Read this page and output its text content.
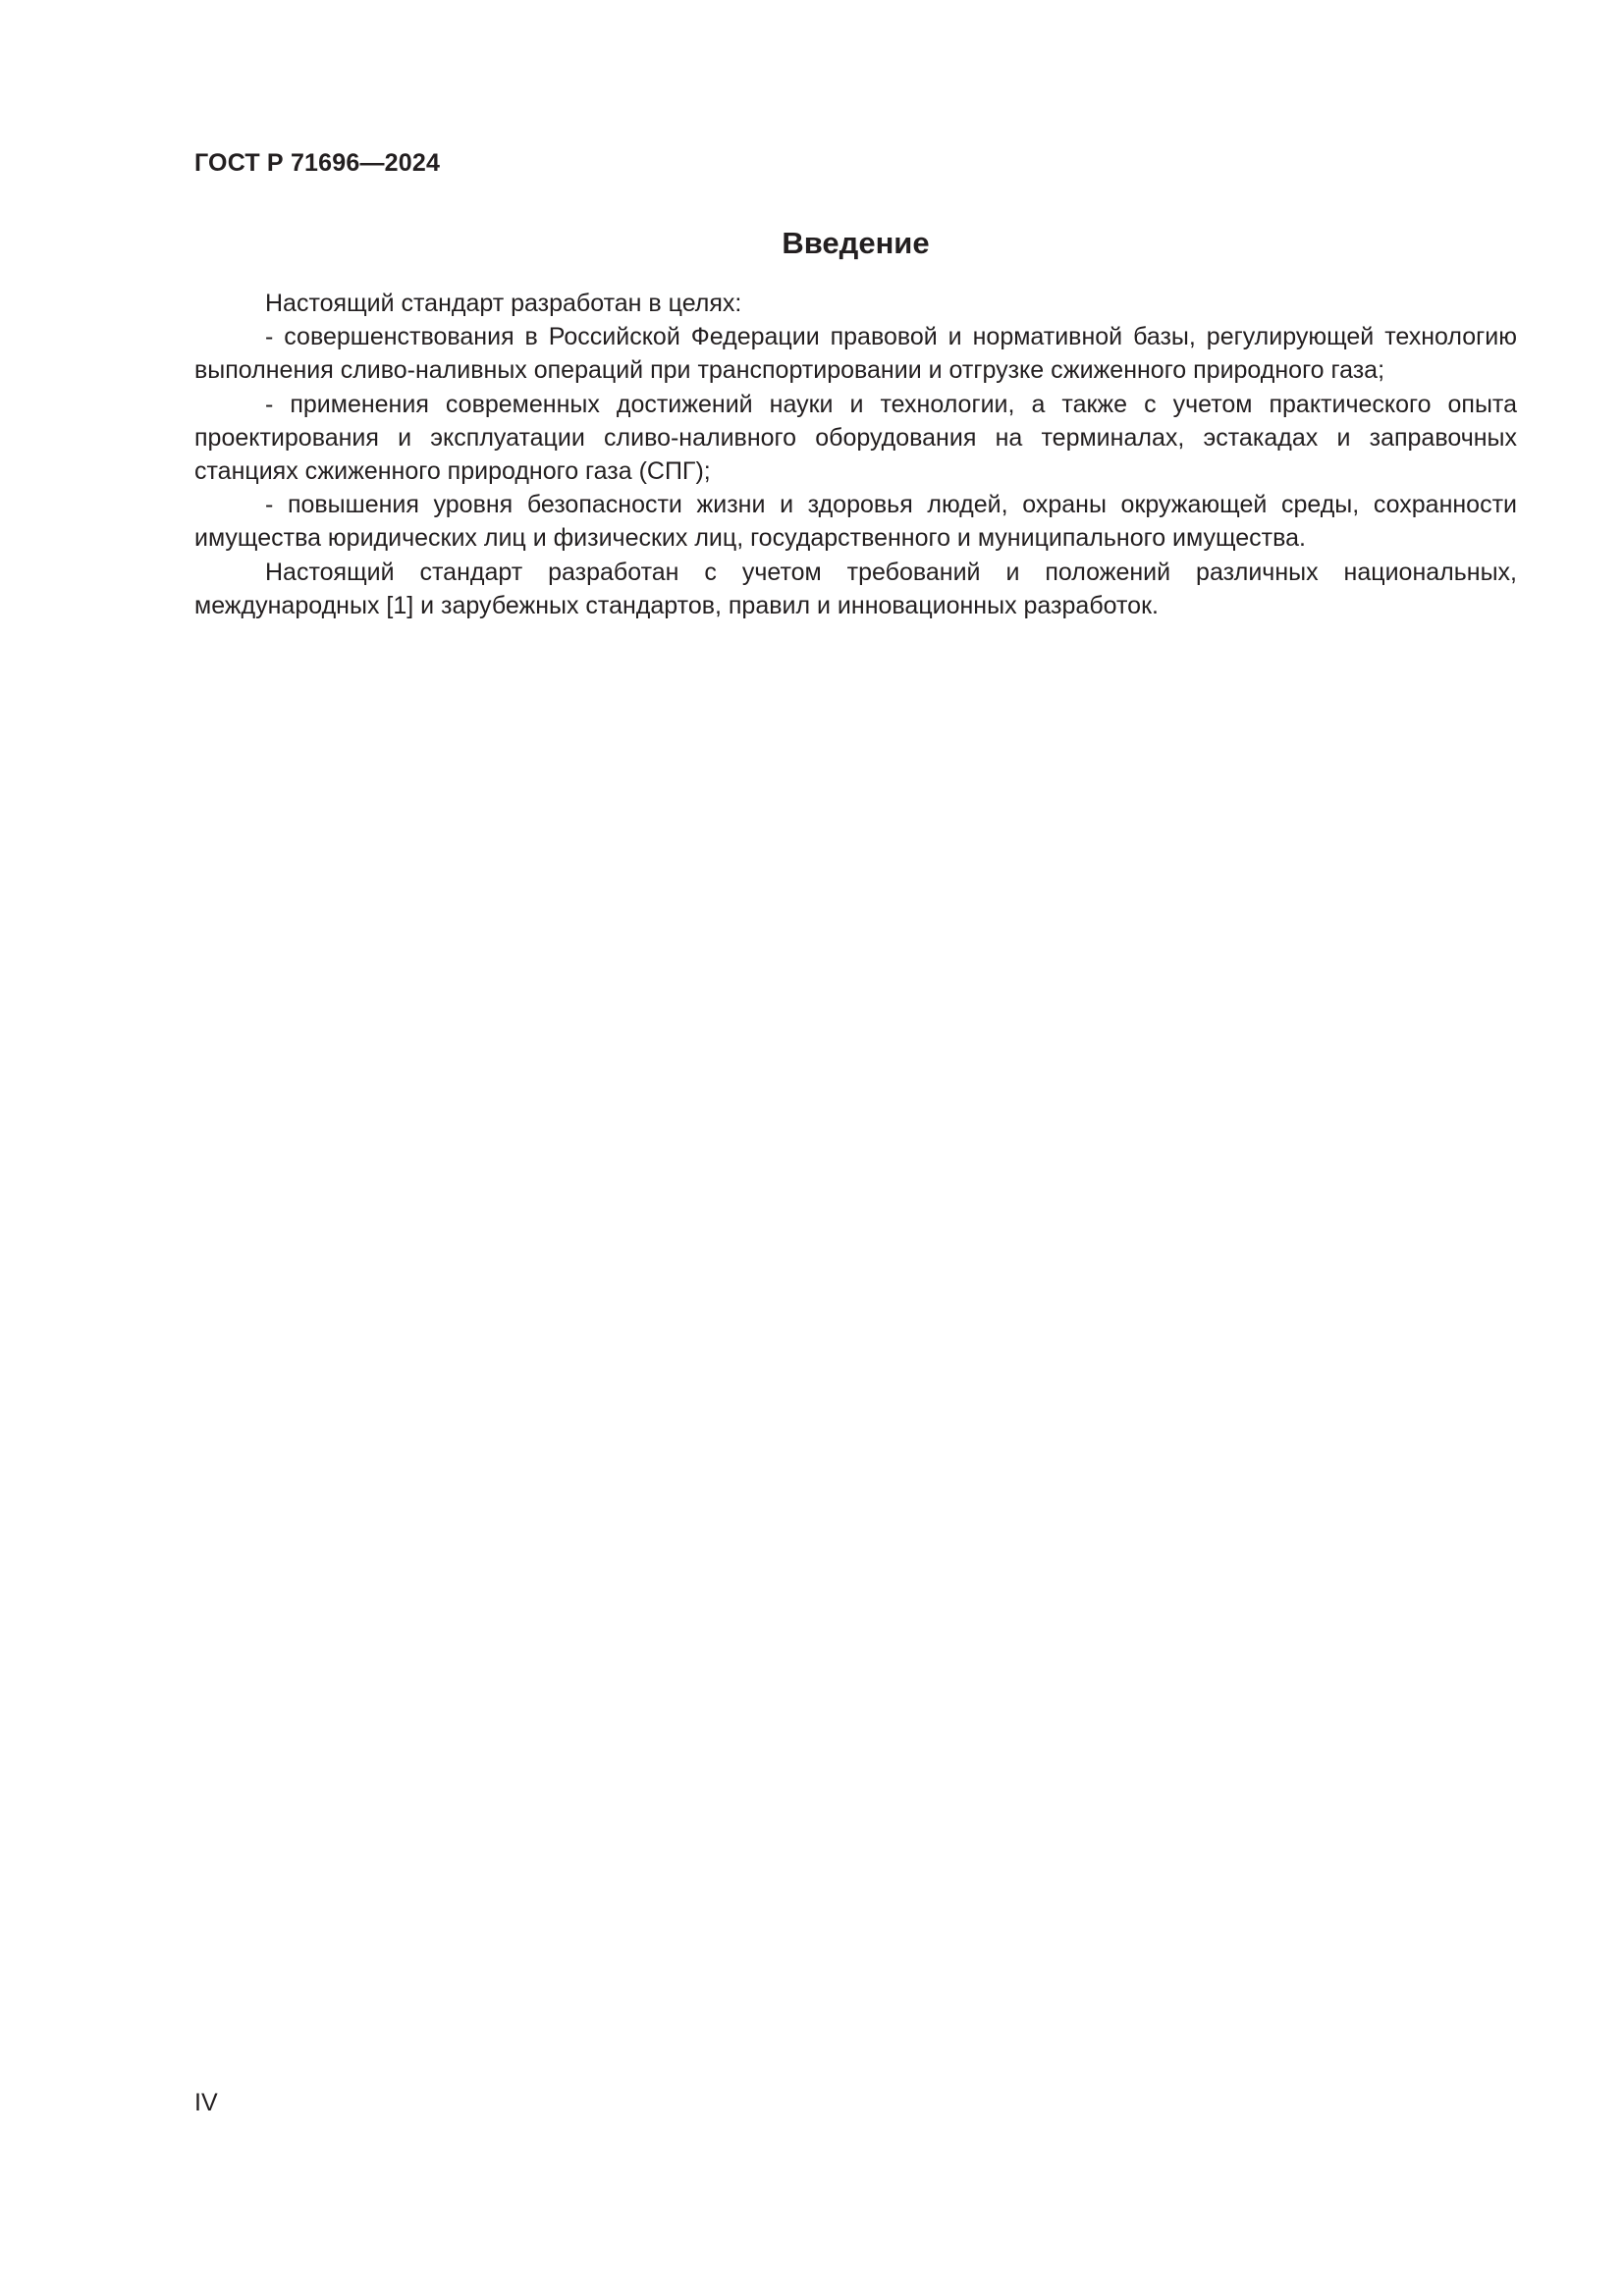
ГОСТ Р 71696—2024

Введение

Настоящий стандарт разработан в целях:

- совершенствования в Российской Федерации правовой и нормативной базы, регулирующей технологию выполнения сливо-наливных операций при транспортировании и отгрузке сжиженного природного газа;

- применения современных достижений науки и технологии, а также с учетом практического опыта проектирования и эксплуатации сливо-наливного оборудования на терминалах, эстакадах и заправочных станциях сжиженного природного газа (СПГ);

- повышения уровня безопасности жизни и здоровья людей, охраны окружающей среды, сохранности имущества юридических лиц и физических лиц, государственного и муниципального имущества.

Настоящий стандарт разработан с учетом требований и положений различных национальных, международных [1] и зарубежных стандартов, правил и инновационных разработок.

IV
